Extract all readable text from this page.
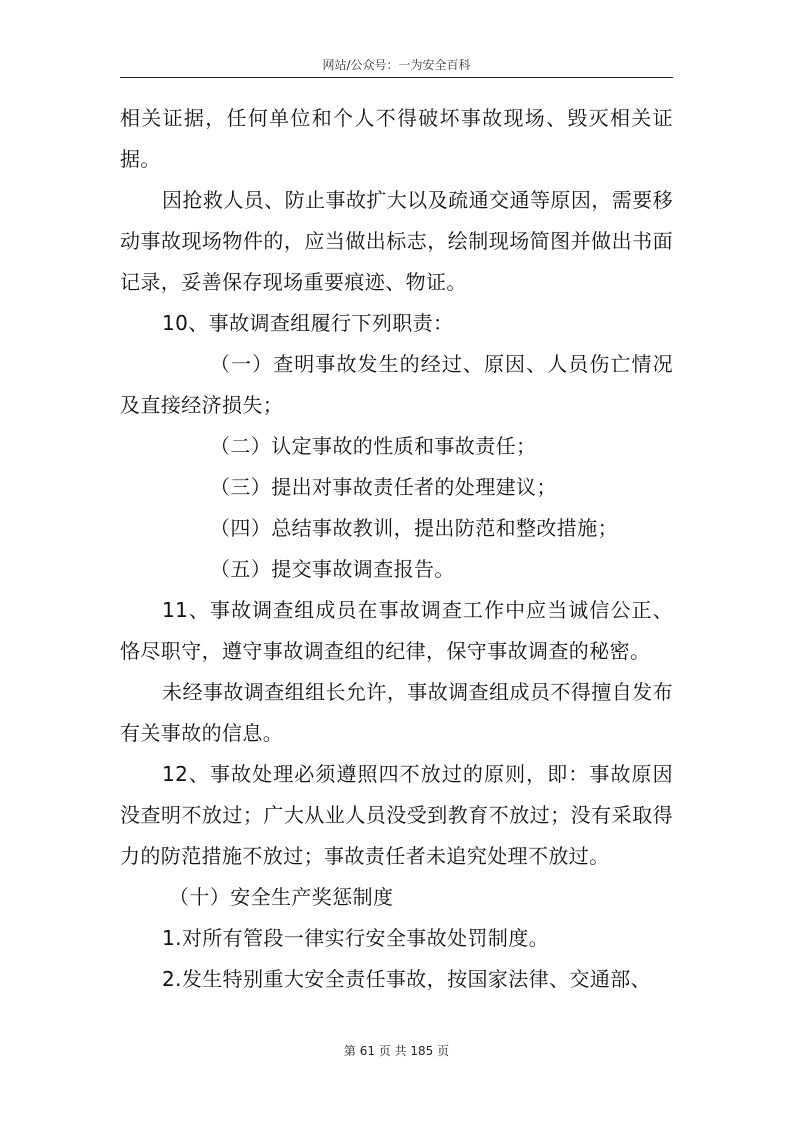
网站/公众号：一为安全百科

相关证据，任何单位和个人不得破坏事故现场、毁灭相关证据。

因抢救人员、防止事故扩大以及疏通交通等原因，需要移动事故现场物件的，应当做出标志，绘制现场简图并做出书面记录，妥善保存现场重要痕迹、物证。

10、事故调查组履行下列职责：

（一）查明事故发生的经过、原因、人员伤亡情况及直接经济损失；

（二）认定事故的性质和事故责任；

（三）提出对事故责任者的处理建议；

（四）总结事故教训，提出防范和整改措施；

（五）提交事故调查报告。

11、事故调查组成员在事故调查工作中应当诚信公正、恪尽职守，遵守事故调查组的纪律，保守事故调查的秘密。

未经事故调查组组长允许，事故调查组成员不得擅自发布有关事故的信息。

12、事故处理必须遵照四不放过的原则，即：事故原因没查明不放过；广大从业人员没受到教育不放过；没有采取得力的防范措施不放过；事故责任者未追究处理不放过。

（十）安全生产奖惩制度

1.对所有管段一律实行安全事故处罚制度。

2.发生特别重大安全责任事故，按国家法律、交通部、

第 61 页 共 185 页
